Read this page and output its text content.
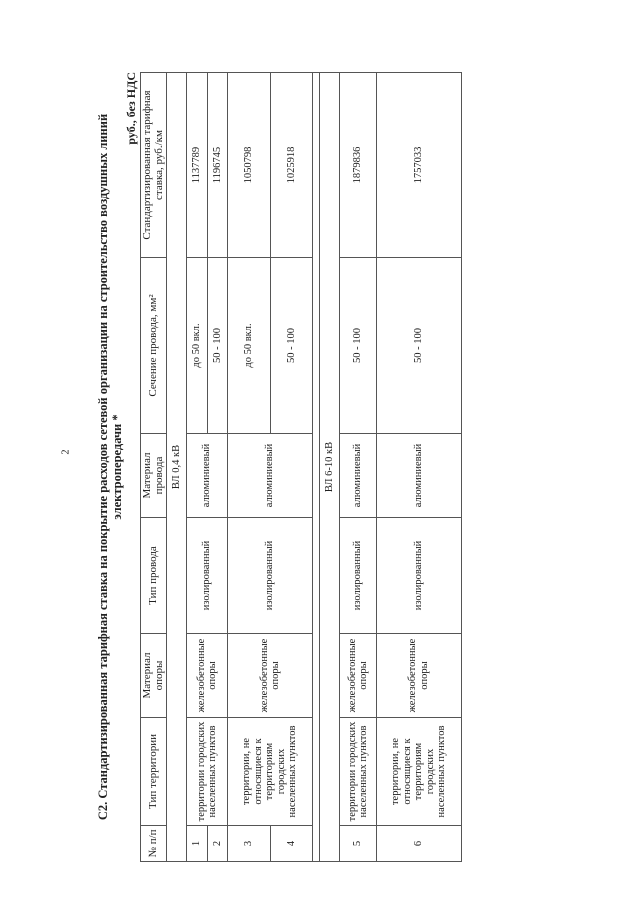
2 С2. Стандартизированная тарифная ставка на покрытие расходов сетевой организации на строительство воздушных линий электропередачи *
руб., без НДС
№ п/п	Тип территории	Материал опоры	Тип провода	Материал провода	Сечение провода, мм²	Стандартизированная тарифная ставка, руб./км
ВЛ 0,4 кВ						
1	территории городских населенных пунктов	железобетонные опоры	изолированный	алюминиевый	до 50 вкл.	1137789
2					50 - 100	1196745
3	территории, не относящиеся к территориям городских населенных пунктов	железобетонные опоры	изолированный	алюминиевый	до 50 вкл.	1050798
4					50 - 100	1025918

ВЛ 6-10 кВ						
5	территории городских населенных пунктов	железобетонные опоры	изолированный	алюминиевый	50 - 100	1879836
6	территории, не относящиеся к территориям городских населенных пунктов	железобетонные опоры	изолированный	алюминиевый	50 - 100	1757033
